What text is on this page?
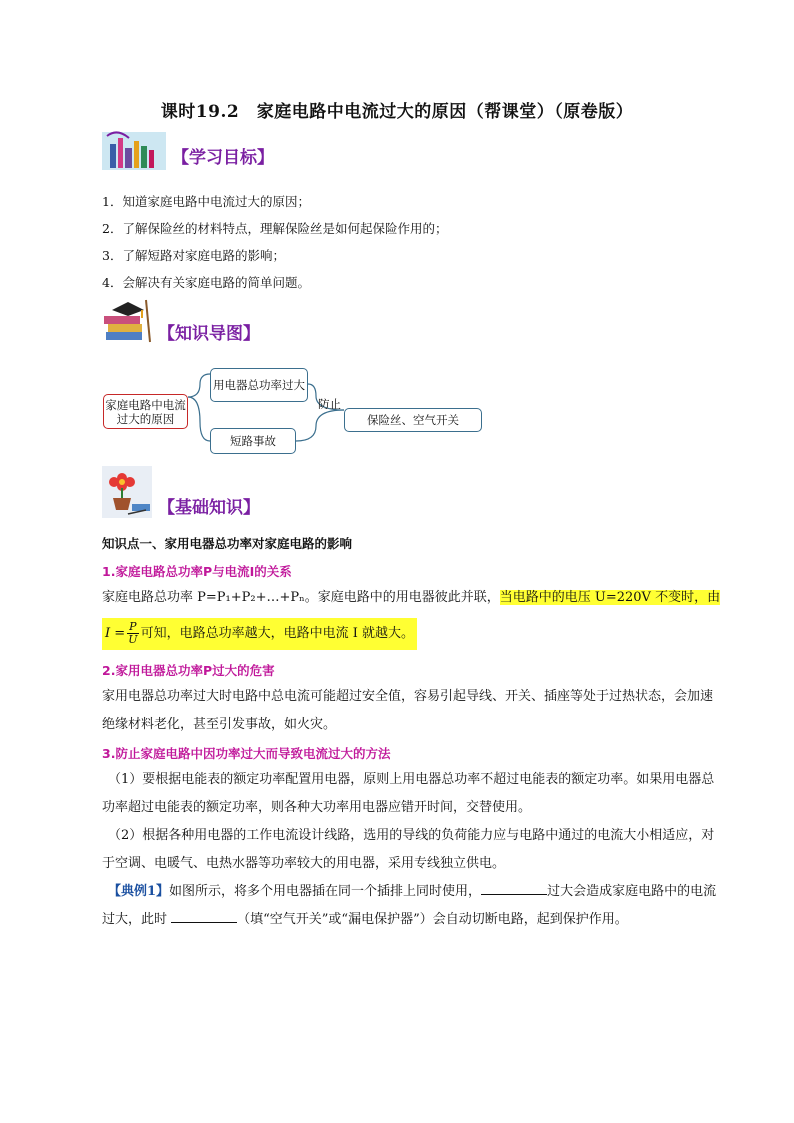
课时19.2　家庭电路中电流过大的原因（帮课堂）（原卷版）
【学习目标】
1．知道家庭电路中电流过大的原因；
2．了解保险丝的材料特点，理解保险丝是如何起保险作用的；
3．了解短路对家庭电路的影响；
4．会解决有关家庭电路的简单问题。
【知识导图】
家庭电路中电流过大的原因
用电器总功率过大
短路事故
防止
保险丝、空气开关
【基础知识】
知识点一、家用电器总功率对家庭电路的影响
1.家庭电路总功率P与电流I的关系
家庭电路总功率 P=P₁+P₂+…+Pₙ。家庭电路中的用电器彼此并联，当电路中的电压 U=220V 不变时，由
$I = \frac{P}{U}$ 可知，电路总功率越大，电路中电流 I 就越大。
2.家用电器总功率P过大的危害
家用电器总功率过大时电路中总电流可能超过安全值，容易引起导线、开关、插座等处于过热状态，会加速绝缘材料老化，甚至引发事故，如火灾。
3.防止家庭电路中因功率过大而导致电流过大的方法
（1）要根据电能表的额定功率配置用电器，原则上用电器总功率不超过电能表的额定功率。如果用电器总功率超过电能表的额定功率，则各种大功率用电器应错开时间，交替使用。
（2）根据各种用电器的工作电流设计线路，选用的导线的负荷能力应与电路中通过的电流大小相适应，对于空调、电暖气、电热水器等功率较大的用电器，采用专线独立供电。
【典例1】如图所示，将多个用电器插在同一个插排上同时使用，	过大会造成家庭电路中的电流过大，此时	（填“空气开关”或“漏电保护器”）会自动切断电路，起到保护作用。
